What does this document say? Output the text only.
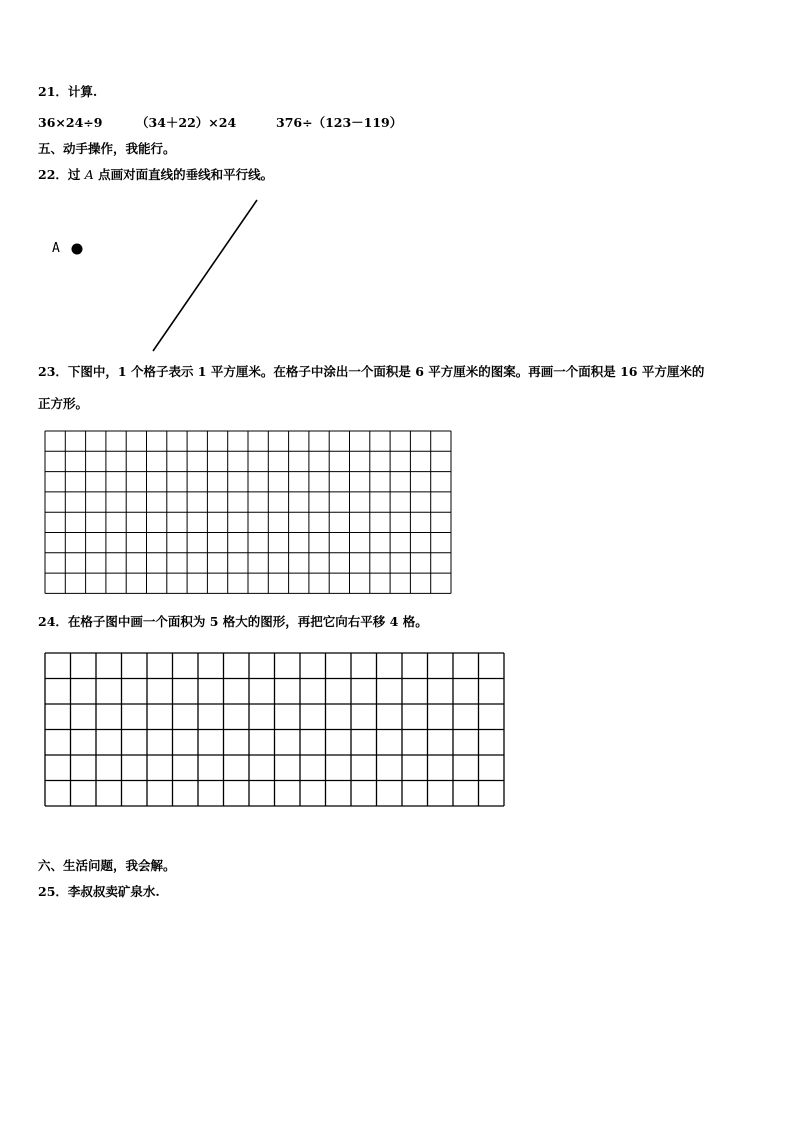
21．计算.
36×24÷9	（34＋22）×24	376÷（123－119）
五、动手操作，我能行。
22．过 A 点画对面直线的垂线和平行线。
A
23．下图中，1 个格子表示 1 平方厘米。在格子中涂出一个面积是 6 平方厘米的图案。再画一个面积是 16 平方厘米的
正方形。
24．在格子图中画一个面积为 5 格大的图形，再把它向右平移 4 格。
六、生活问题，我会解。
25．李叔叔卖矿泉水.
